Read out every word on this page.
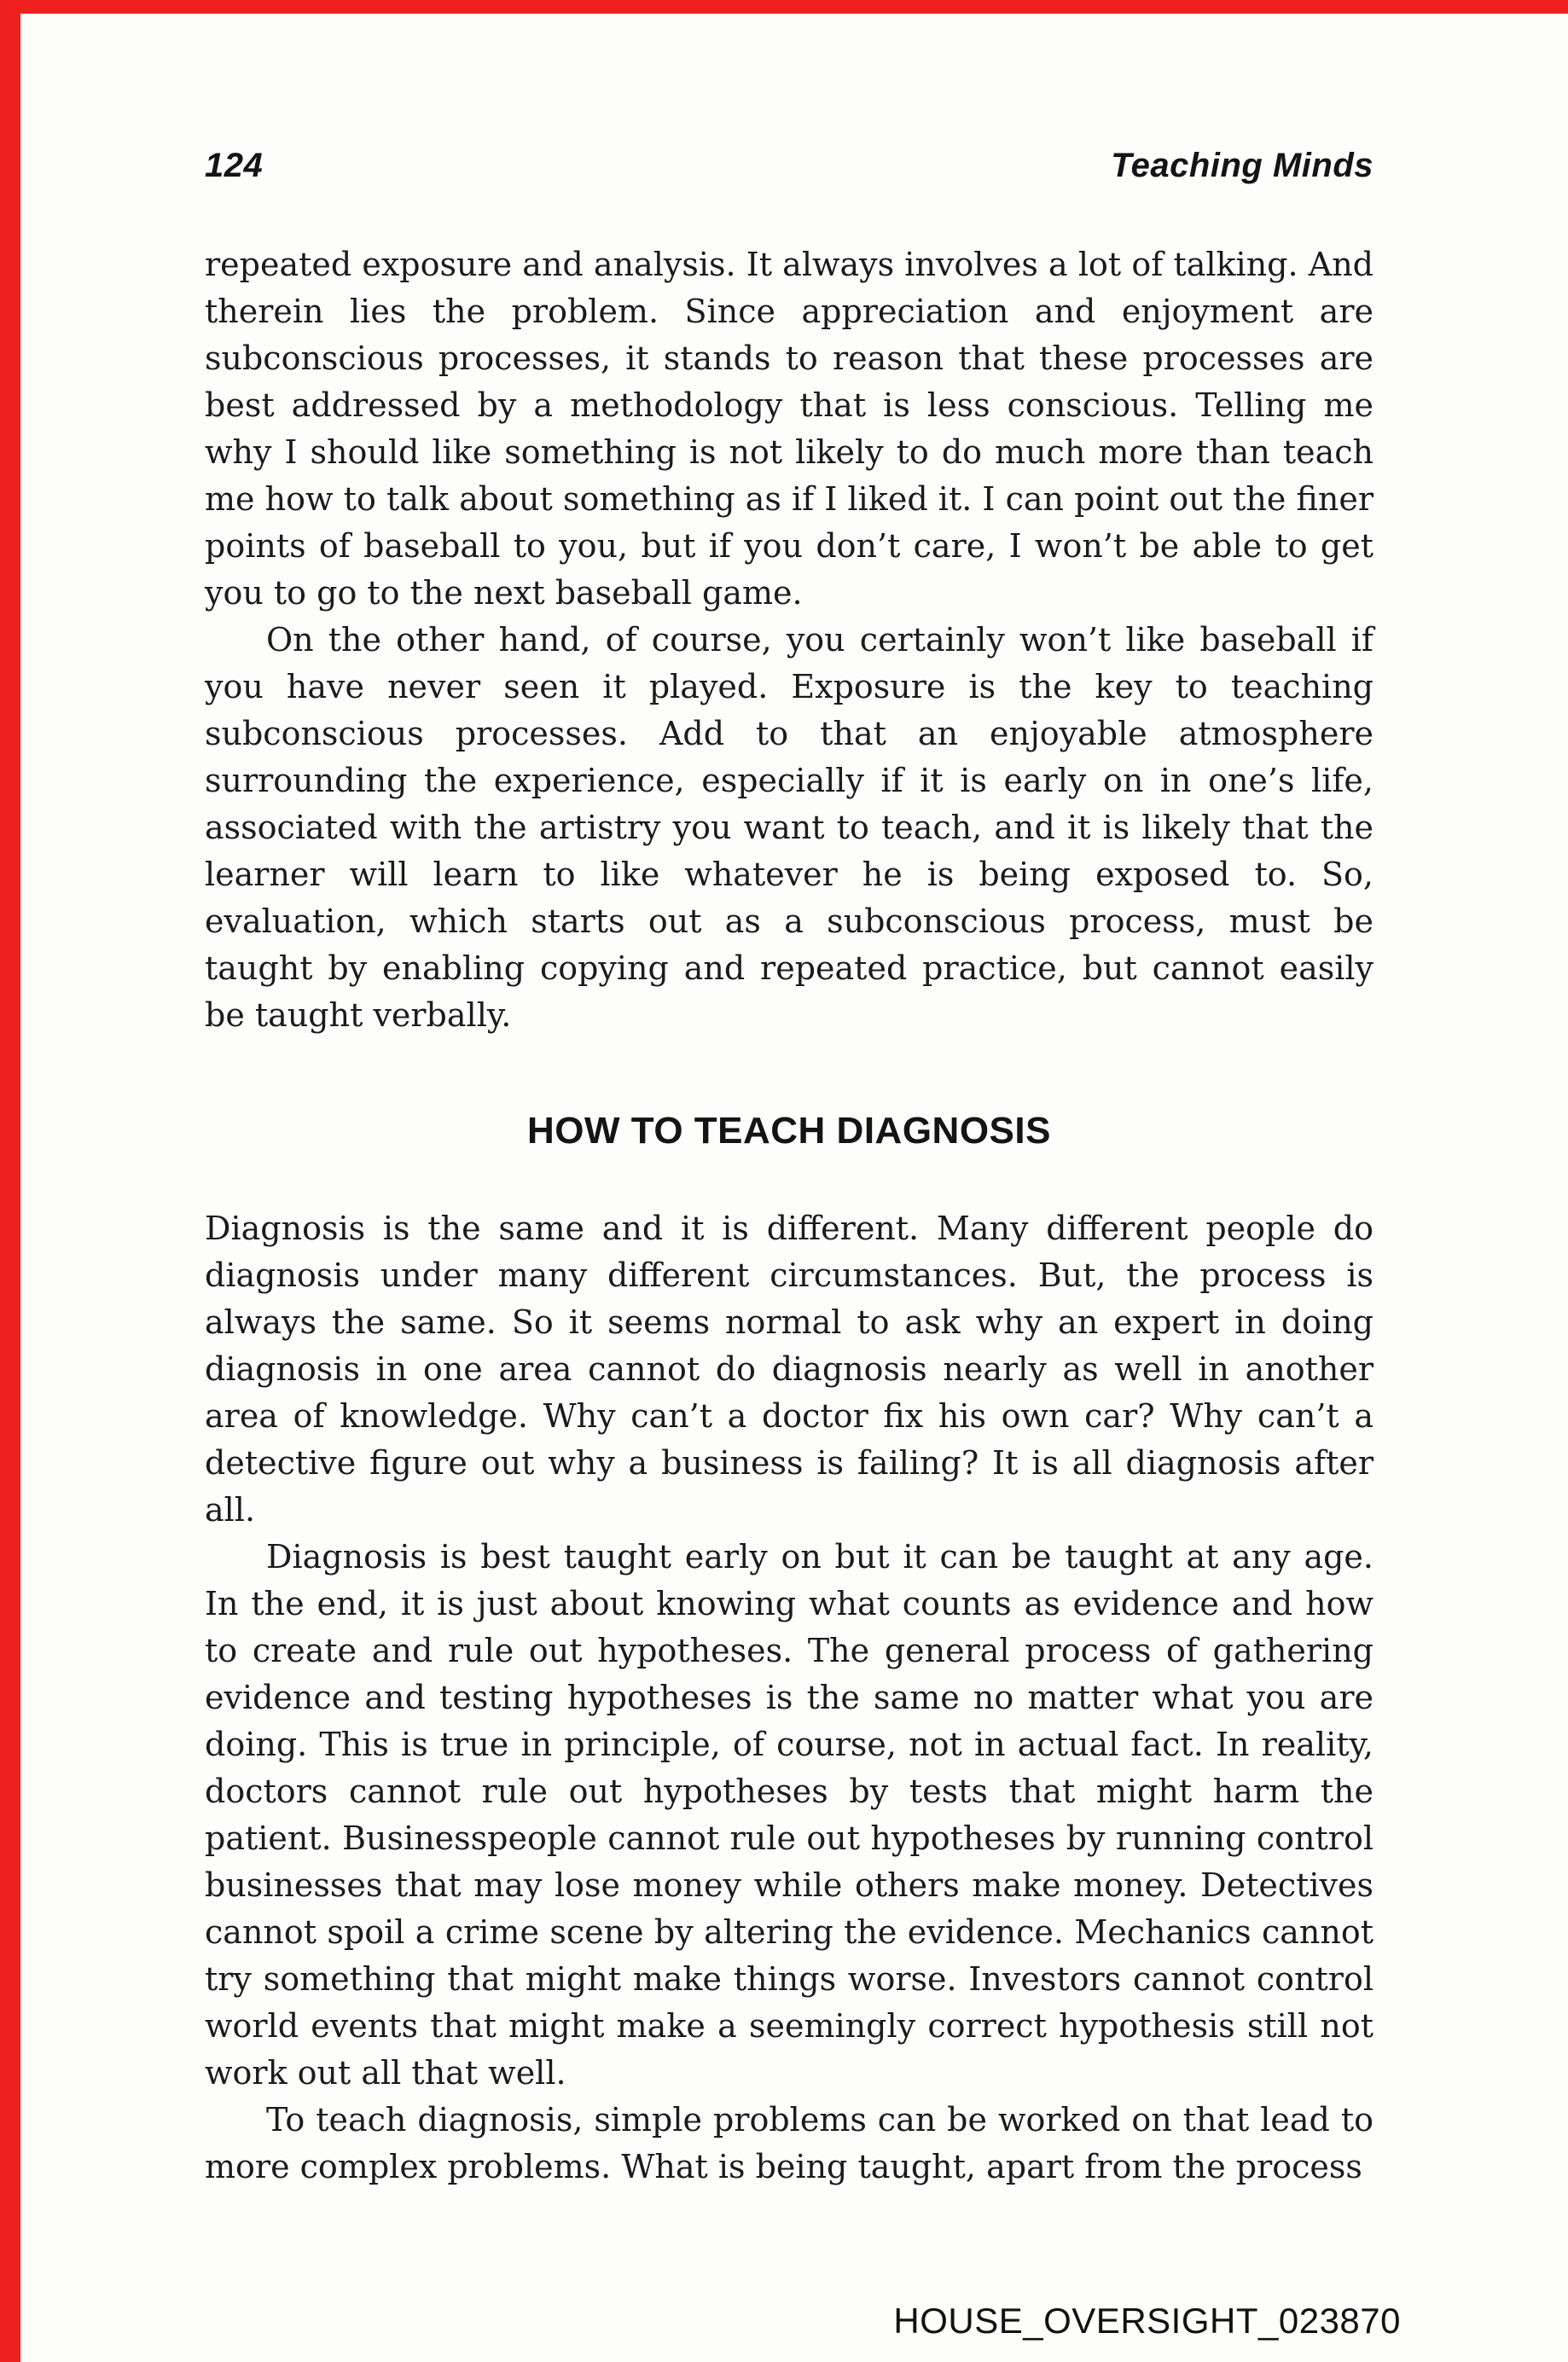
124	Teaching Minds

repeated exposure and analysis. It always involves a lot of talking. And therein lies the problem. Since appreciation and enjoyment are subconscious processes, it stands to reason that these processes are best addressed by a methodology that is less conscious. Telling me why I should like something is not likely to do much more than teach me how to talk about something as if I liked it. I can point out the finer points of baseball to you, but if you don’t care, I won’t be able to get you to go to the next baseball game.

On the other hand, of course, you certainly won’t like baseball if you have never seen it played. Exposure is the key to teaching subconscious processes. Add to that an enjoyable atmosphere surrounding the experience, especially if it is early on in one’s life, associated with the artistry you want to teach, and it is likely that the learner will learn to like whatever he is being exposed to. So, evaluation, which starts out as a subconscious process, must be taught by enabling copying and repeated practice, but cannot easily be taught verbally.

HOW TO TEACH DIAGNOSIS

Diagnosis is the same and it is different. Many different people do diagnosis under many different circumstances. But, the process is always the same. So it seems normal to ask why an expert in doing diagnosis in one area cannot do diagnosis nearly as well in another area of knowledge. Why can’t a doctor fix his own car? Why can’t a detective figure out why a business is failing? It is all diagnosis after all.

Diagnosis is best taught early on but it can be taught at any age. In the end, it is just about knowing what counts as evidence and how to create and rule out hypotheses. The general process of gathering evidence and testing hypotheses is the same no matter what you are doing. This is true in principle, of course, not in actual fact. In reality, doctors cannot rule out hypotheses by tests that might harm the patient. Businesspeople cannot rule out hypotheses by running control businesses that may lose money while others make money. Detectives cannot spoil a crime scene by altering the evidence. Mechanics cannot try something that might make things worse. Investors cannot control world events that might make a seemingly correct hypothesis still not work out all that well.

To teach diagnosis, simple problems can be worked on that lead to more complex problems. What is being taught, apart from the process

HOUSE_OVERSIGHT_023870
